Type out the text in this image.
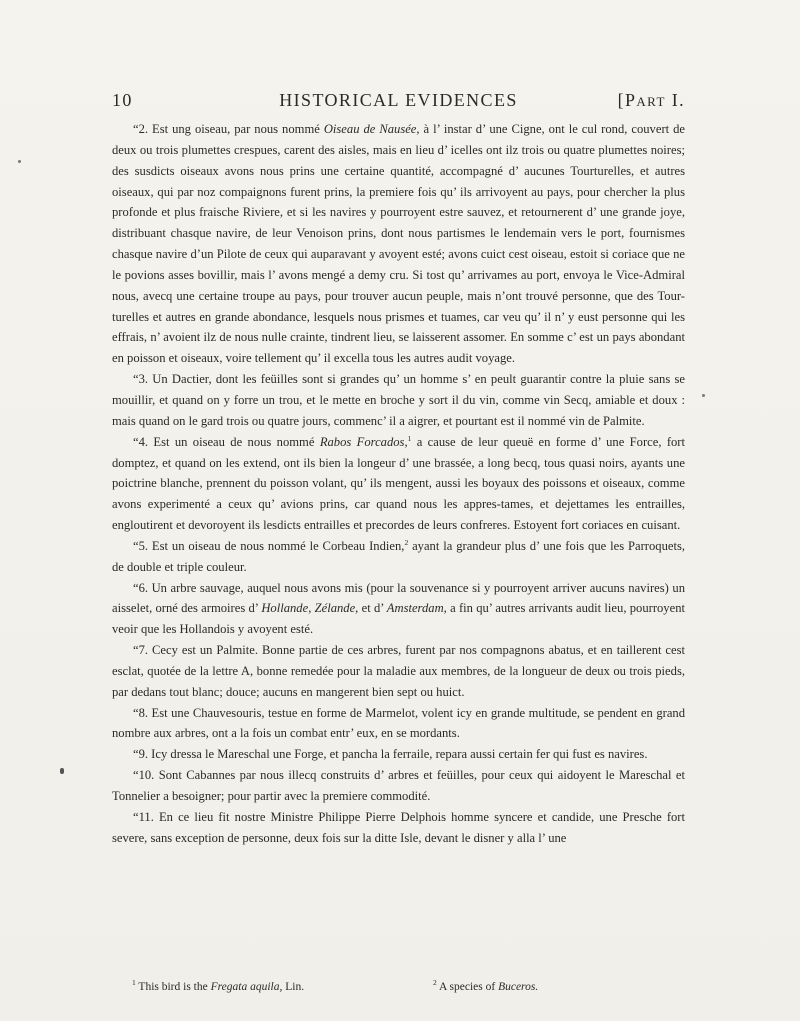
10	HISTORICAL EVIDENCES	[Part I.

“2. Est ung oiseau, par nous nommé Oiseau de Nausée, à l’ instar d’ une Cigne, ont le cul rond, couvert de deux ou trois plumettes crespues, carent des aisles, mais en lieu d’ icelles ont ilz trois ou quatre plumettes noires; des susdicts oiseaux avons nous prins une certaine quantité, accompagné d’ aucunes Tourturelles, et autres oiseaux, qui par noz compaignons furent prins, la premiere fois qu’ ils arrivoyent au pays, pour chercher la plus profonde et plus fraische Riviere, et si les navires y pourroyent estre sauvez, et retournerent d’ une grande joye, distribuant chasque navire, de leur Venoison prins, dont nous partismes le lendemain vers le port, fournismes chasque navire d’un Pilote de ceux qui auparavant y avoyent esté; avons cuict cest oiseau, estoit si coriace que ne le povions asses bovillir, mais l’ avons mengé a demy cru. Si tost qu’ arrivames au port, envoya le Vice-Admiral nous, avecq une certaine troupe au pays, pour trouver aucun peuple, mais n’ont trouvé personne, que des Tour-turelles et autres en grande abondance, lesquels nous prismes et tuames, car veu qu’ il n’ y eust personne qui les effrais, n’ avoient ilz de nous nulle crainte, tindrent lieu, se laisserent assomer. En somme c’ est un pays abondant en poisson et oiseaux, voire tellement qu’ il excella tous les autres audit voyage.

“3. Un Dactier, dont les feüilles sont si grandes qu’ un homme s’ en peult guarantir contre la pluie sans se mouillir, et quand on y forre un trou, et le mette en broche y sort il du vin, comme vin Secq, amiable et doux : mais quand on le gard trois ou quatre jours, commenc’ il a aigrer, et pourtant est il nommé vin de Palmite.

“4. Est un oiseau de nous nommé Rabos Forcados,$^1$ a cause de leur queuë en forme d’ une Force, fort domptez, et quand on les extend, ont ils bien la longeur d’ une brassée, a long becq, tous quasi noirs, ayants une poictrine blanche, prennent du poisson volant, qu’ ils mengent, aussi les boyaux des poissons et oiseaux, comme avons experimenté a ceux qu’ avions prins, car quand nous les appres-tames, et dejettames les entrailles, engloutirent et devoroyent ils lesdicts entrailles et precordes de leurs confreres. Estoyent fort coriaces en cuisant.

“5. Est un oiseau de nous nommé le Corbeau Indien,$^2$ ayant la grandeur plus d’ une fois que les Parroquets, de double et triple couleur.

“6. Un arbre sauvage, auquel nous avons mis (pour la souvenance si y pourroyent arriver aucuns navires) un aisselet, orné des armoires d’ Hollande, Zélande, et d’ Amsterdam, a fin qu’ autres arrivants audit lieu, pourroyent veoir que les Hollandois y avoyent esté.

“7. Cecy est un Palmite. Bonne partie de ces arbres, furent par nos compagnons abatus, et en taillerent cest esclat, quotée de la lettre A, bonne remedée pour la maladie aux membres, de la longueur de deux ou trois pieds, par dedans tout blanc; douce; aucuns en mangerent bien sept ou huict.

“8. Est une Chauvesouris, testue en forme de Marmelot, volent icy en grande multitude, se pendent en grand nombre aux arbres, ont a la fois un combat entr’ eux, en se mordants.

“9. Icy dressa le Mareschal une Forge, et pancha la ferraile, repara aussi certain fer qui fust es navires.

“10. Sont Cabannes par nous illecq construits d’ arbres et feüilles, pour ceux qui aidoyent le Mareschal et Tonnelier a besoigner; pour partir avec la premiere commodité.

“11. En ce lieu fit nostre Ministre Philippe Pierre Delphois homme syncere et candide, une Presche fort severe, sans exception de personne, deux fois sur la ditte Isle, devant le disner y alla l’ une

$^1$ This bird is the Fregata aquila, Lin.	$^2$ A species of Buceros.
